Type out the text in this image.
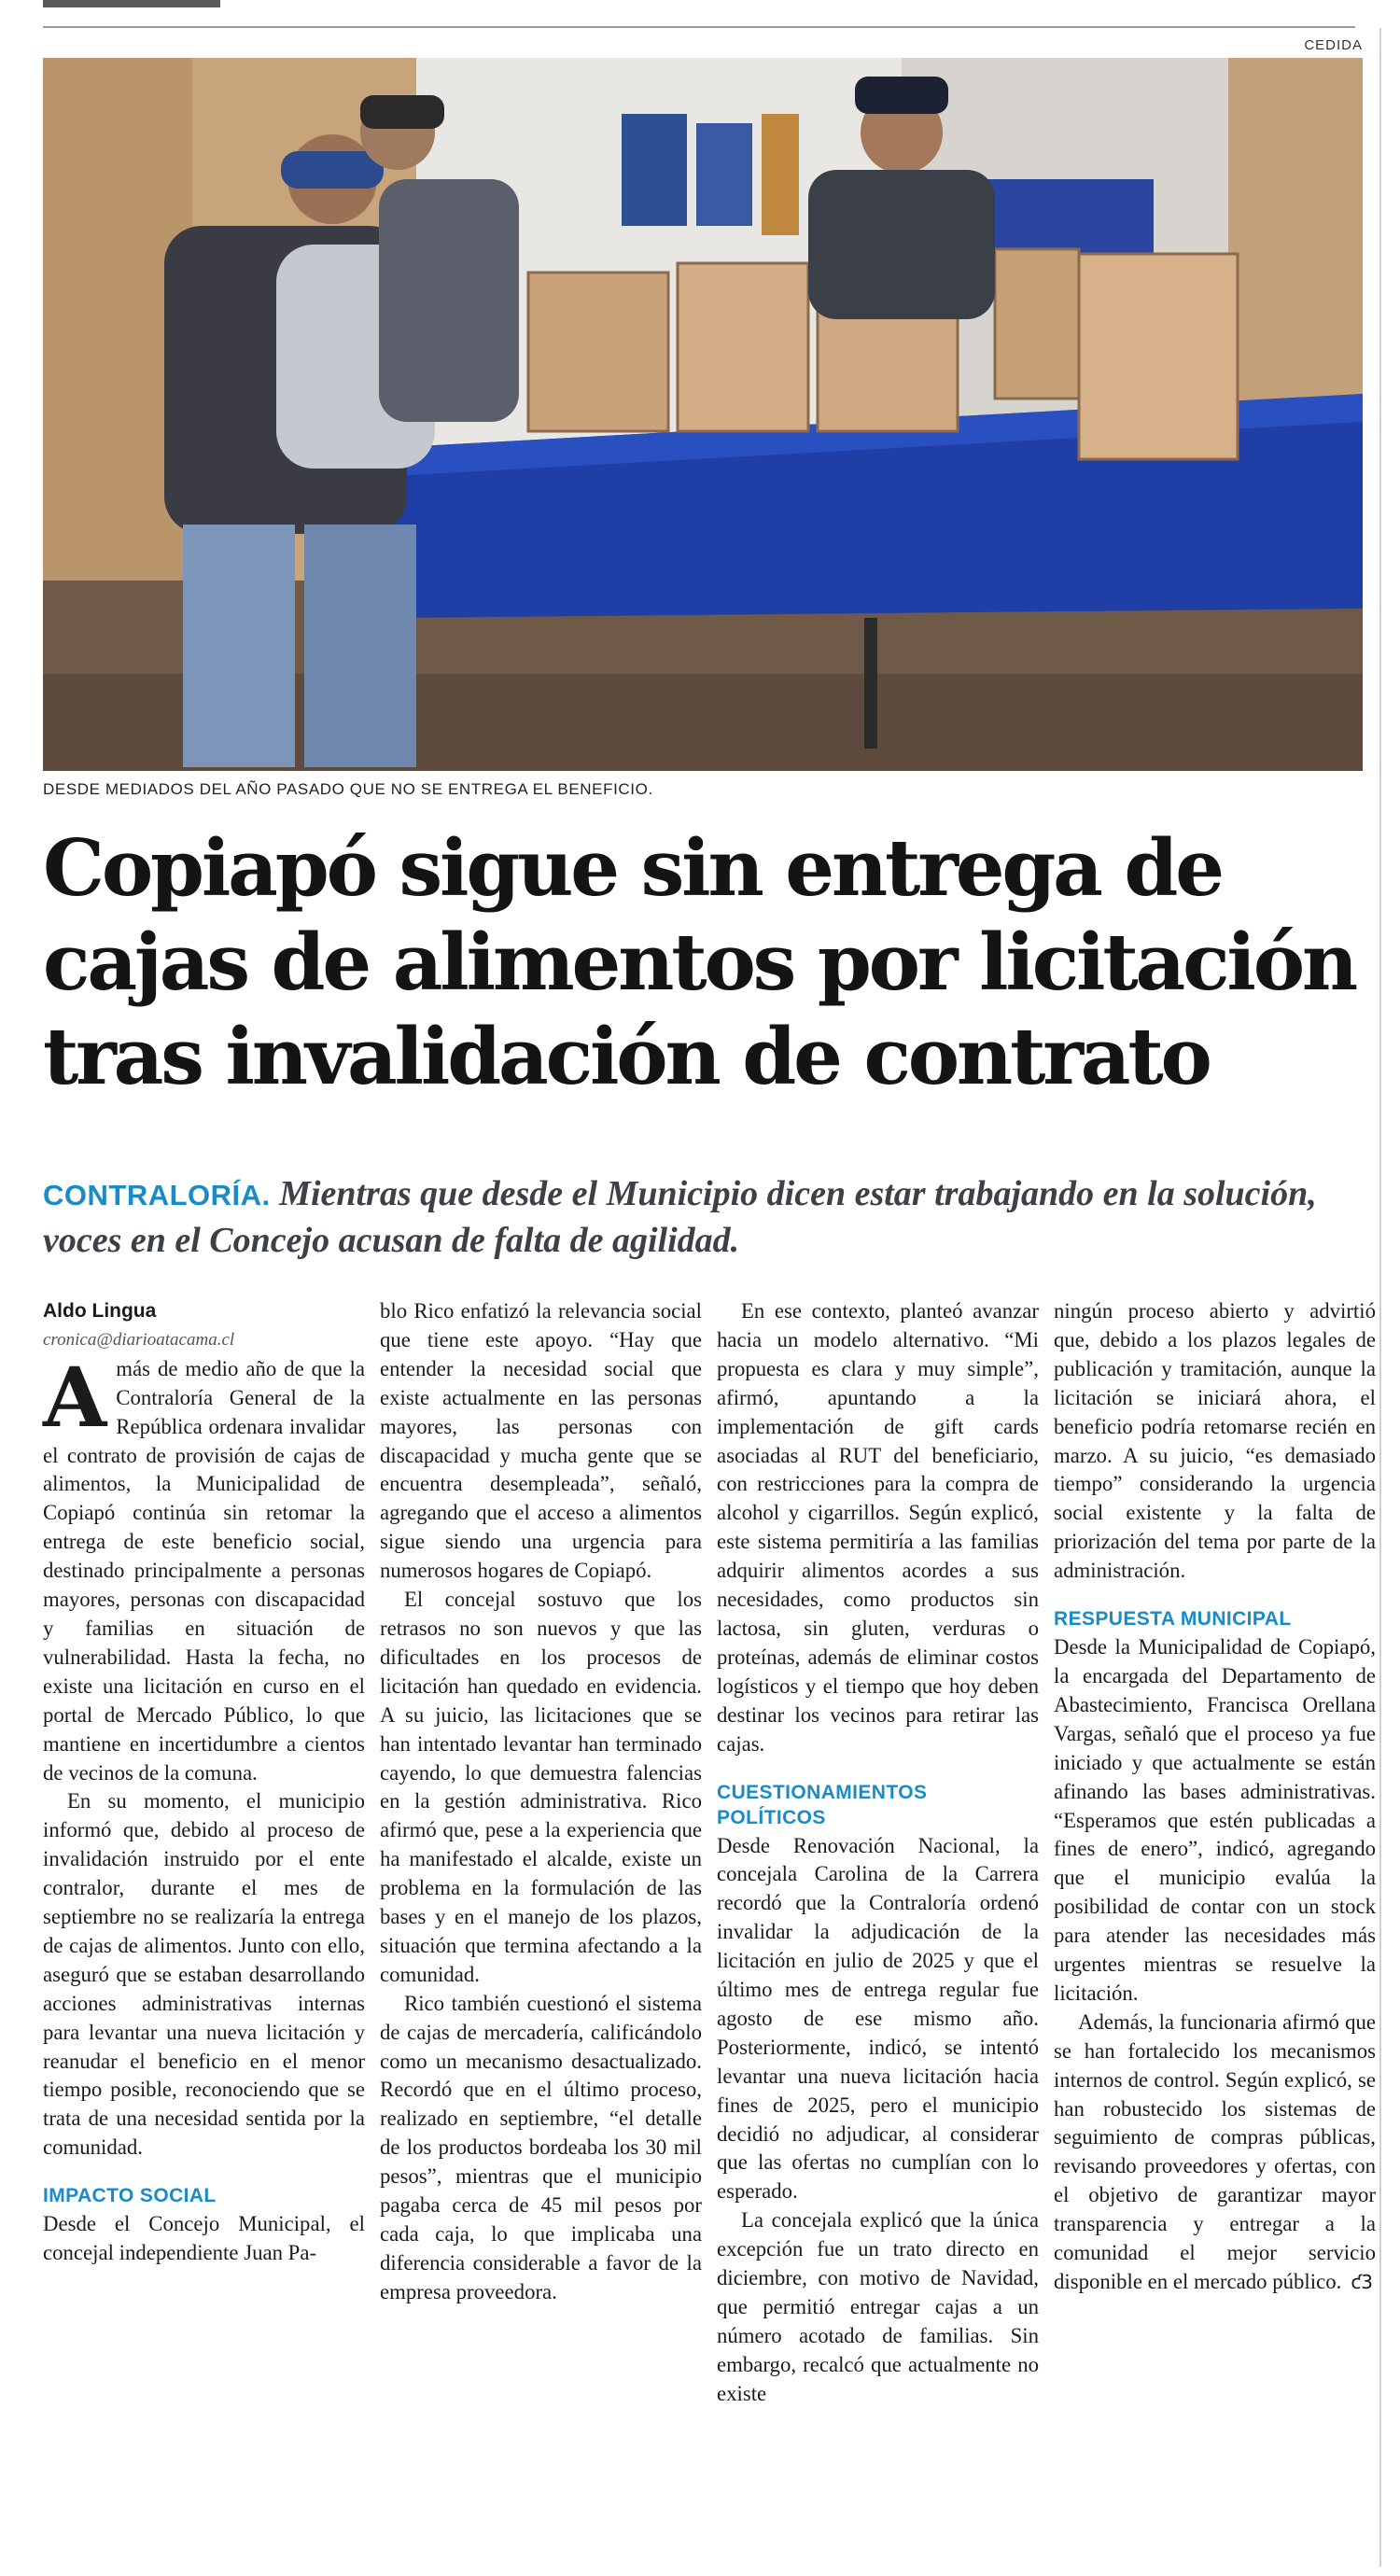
CEDIDA
DESDE MEDIADOS DEL AÑO PASADO QUE NO SE ENTREGA EL BENEFICIO.
Copiapó sigue sin entrega de
cajas de alimentos por licitación
tras invalidación de contrato
CONTRALORÍA. Mientras que desde el Municipio dicen estar trabajando en la solución, voces en el Concejo acusan de falta de agilidad.

Aldo Lingua

cronica@diarioatacama.cl

Amás de medio año de que la Contraloría General de la República ordenara invalidar el contrato de provisión de cajas de alimentos, la Municipalidad de Copiapó continúa sin retomar la entrega de este beneficio social, destinado principalmente a personas mayores, personas con discapacidad y familias en situación de vulnerabilidad. Hasta la fecha, no existe una licitación en curso en el portal de Mercado Público, lo que mantiene en incertidumbre a cientos de vecinos de la comuna.

En su momento, el municipio informó que, debido al proceso de invalidación instruido por el ente contralor, durante el mes de septiembre no se realizaría la entrega de cajas de alimentos. Junto con ello, aseguró que se estaban desarrollando acciones administrativas internas para levantar una nueva licitación y reanudar el beneficio en el menor tiempo posible, reconociendo que se trata de una necesidad sentida por la comunidad.

IMPACTO SOCIAL

Desde el Concejo Municipal, el concejal independiente Juan Pa-

blo Rico enfatizó la relevancia social que tiene este apoyo. “Hay que entender la necesidad social que existe actualmente en las personas mayores, las personas con discapacidad y mucha gente que se encuentra desempleada”, señaló, agregando que el acceso a alimentos sigue siendo una urgencia para numerosos hogares de Copiapó.

El concejal sostuvo que los retrasos no son nuevos y que las dificultades en los procesos de licitación han quedado en evidencia. A su juicio, las licitaciones que se han intentado levantar han terminado cayendo, lo que demuestra falencias en la gestión administrativa. Rico afirmó que, pese a la experiencia que ha manifestado el alcalde, existe un problema en la formulación de las bases y en el manejo de los plazos, situación que termina afectando a la comunidad.

Rico también cuestionó el sistema de cajas de mercadería, calificándolo como un mecanismo desactualizado. Recordó que en el último proceso, realizado en septiembre, “el detalle de los productos bordeaba los 30 mil pesos”, mientras que el municipio pagaba cerca de 45 mil pesos por cada caja, lo que implicaba una diferencia considerable a favor de la empresa proveedora.

En ese contexto, planteó avanzar hacia un modelo alternativo. “Mi propuesta es clara y muy simple”, afirmó, apuntando a la implementación de gift cards asociadas al RUT del beneficiario, con restricciones para la compra de alcohol y cigarrillos. Según explicó, este sistema permitiría a las familias adquirir alimentos acordes a sus necesidades, como productos sin lactosa, sin gluten, verduras o proteínas, además de eliminar costos logísticos y el tiempo que hoy deben destinar los vecinos para retirar las cajas.

CUESTIONAMIENTOS POLÍTICOS

Desde Renovación Nacional, la concejala Carolina de la Carrera recordó que la Contraloría ordenó invalidar la adjudicación de la licitación en julio de 2025 y que el último mes de entrega regular fue agosto de ese mismo año. Posteriormente, indicó, se intentó levantar una nueva licitación hacia fines de 2025, pero el municipio decidió no adjudicar, al considerar que las ofertas no cumplían con lo esperado.

La concejala explicó que la única excepción fue un trato directo en diciembre, con motivo de Navidad, que permitió entregar cajas a un número acotado de familias. Sin embargo, recalcó que actualmente no existe

ningún proceso abierto y advirtió que, debido a los plazos legales de publicación y tramitación, aunque la licitación se iniciará ahora, el beneficio podría retomarse recién en marzo. A su juicio, “es demasiado tiempo” considerando la urgencia social existente y la falta de priorización del tema por parte de la administración.

RESPUESTA MUNICIPAL

Desde la Municipalidad de Copiapó, la encargada del Departamento de Abastecimiento, Francisca Orellana Vargas, señaló que el proceso ya fue iniciado y que actualmente se están afinando las bases administrativas. “Esperamos que estén publicadas a fines de enero”, indicó, agregando que el municipio evalúa la posibilidad de contar con un stock para atender las necesidades más urgentes mientras se resuelve la licitación.

Además, la funcionaria afirmó que se han fortalecido los mecanismos internos de control. Según explicó, se han robustecido los sistemas de seguimiento de compras públicas, revisando proveedores y ofertas, con el objetivo de garantizar mayor transparencia y entregar a la comunidad el mejor servicio disponible en el mercado público. ƈ3
